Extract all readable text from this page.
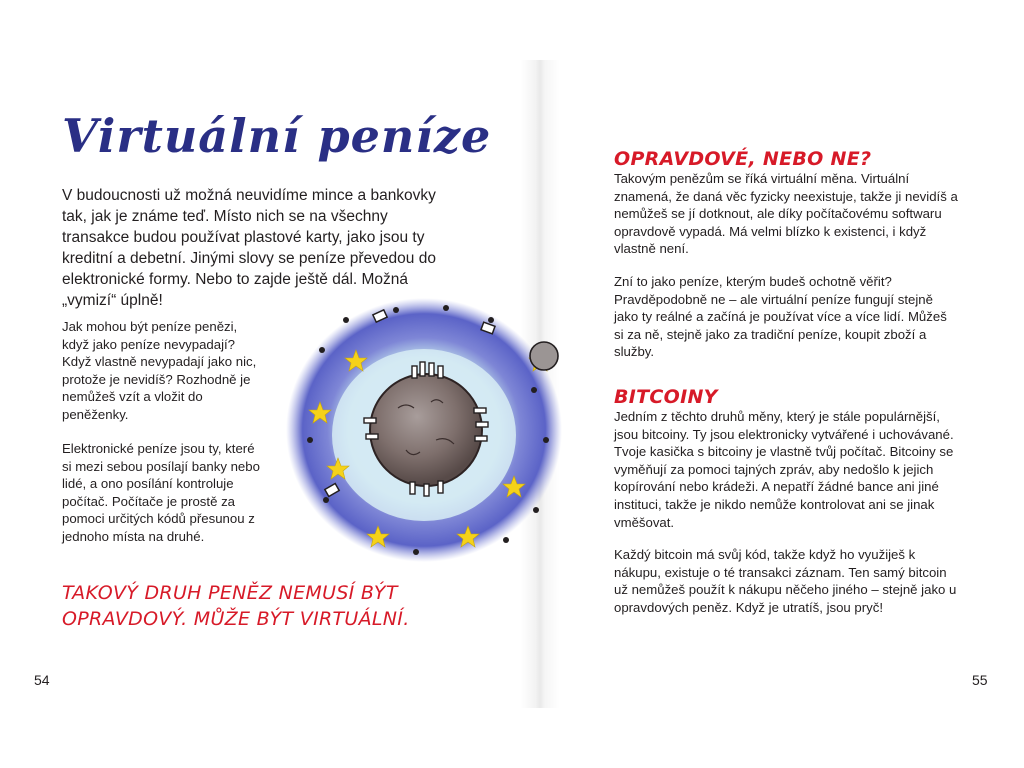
Virtuální peníze

V budoucnosti už možná neuvidíme mince a bankovky tak, jak je známe teď. Místo nich se na všechny transakce budou používat plastové karty, jako jsou ty kreditní a debetní. Jinými slovy se peníze převedou do elektronické formy. Nebo to zajde ještě dál. Možná „vymizí“ úplně!

Jak mohou být peníze penězi, když jako peníze nevypadají? Když vlastně nevypadají jako nic, protože je nevidíš? Rozhodně je nemůžeš vzít a vložit do peněženky.

Elektronické peníze jsou ty, které si mezi sebou posílají banky nebo lidé, a ono posílání kontroluje počítač. Počítače je prostě za pomoci určitých kódů přesunou z jednoho místa na druhé.

TAKOVÝ DRUH PENĚZ NEMUSÍ BÝT OPRAVDOVÝ. MŮŽE BÝT VIRTUÁLNÍ.

OPRAVDOVÉ, NEBO NE?

Takovým penězům se říká virtuální měna. Virtuální znamená, že daná věc fyzicky neexistuje, takže ji nevidíš a nemůžeš se jí dotknout, ale díky počítačovému softwaru opravdově vypadá. Má velmi blízko k existenci, i když vlastně není.

Zní to jako peníze, kterým budeš ochotně věřit? Pravděpodobně ne – ale virtuální peníze fungují stejně jako ty reálné a začíná je používat více a více lidí. Můžeš si za ně, stejně jako za tradiční peníze, koupit zboží a služby.

BITCOINY

Jedním z těchto druhů měny, který je stále populárnější, jsou bitcoiny. Ty jsou elektronicky vytvářené i uchovávané. Tvoje kasička s bitcoiny je vlastně tvůj počítač. Bitcoiny se vyměňují za pomoci tajných zpráv, aby nedošlo k jejich kopírování nebo krádeži. A nepatří žádné bance ani jiné instituci, takže je nikdo nemůže kontrolovat ani se jinak vměšovat.

Každý bitcoin má svůj kód, takže když ho využiješ k nákupu, existuje o té transakci záznam. Ten samý bitcoin už nemůžeš použít k nákupu něčeho jiného – stejně jako u opravdových peněz. Když je utratíš, jsou pryč!

54	55
